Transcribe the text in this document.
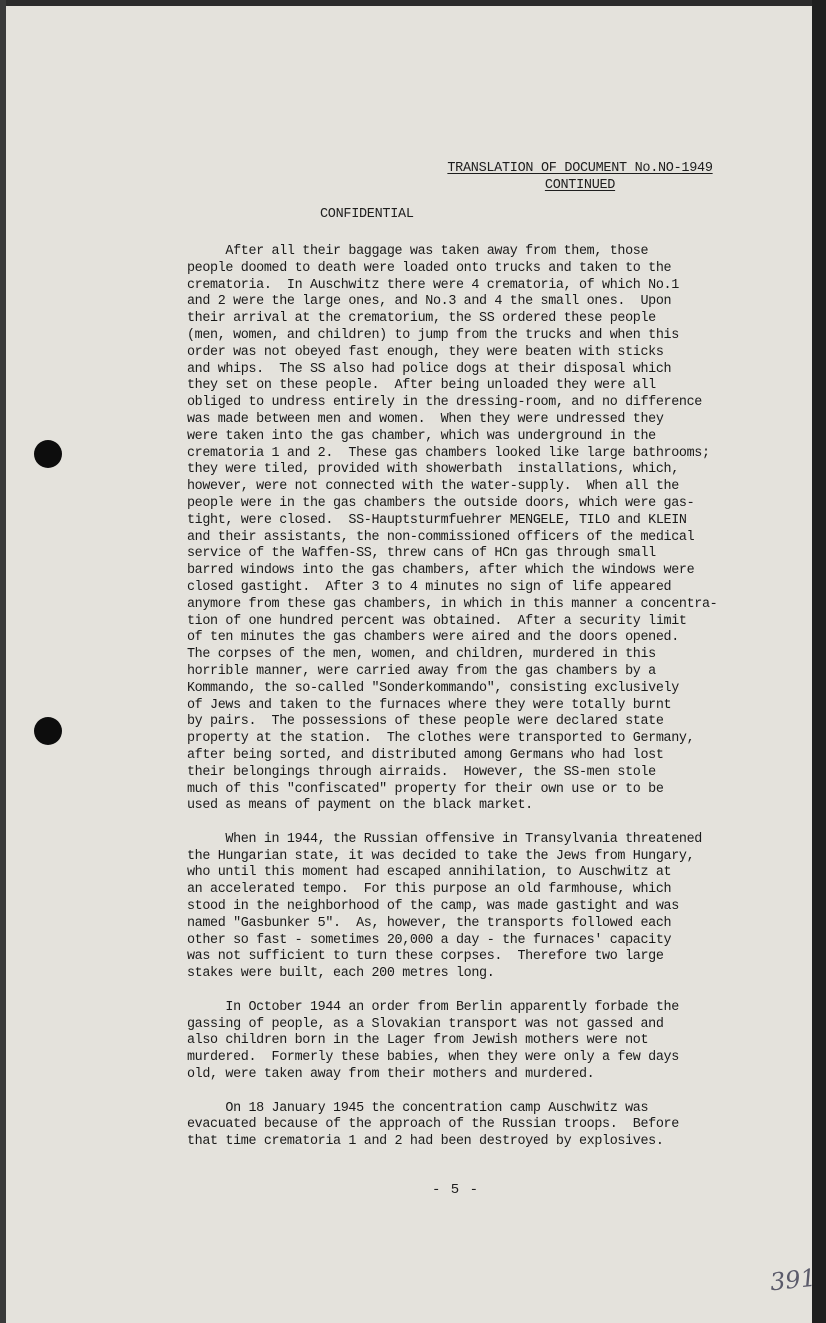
TRANSLATION OF DOCUMENT No.NO-1949
CONTINUED
CONFIDENTIAL
After all their baggage was taken away from them, those
people doomed to death were loaded onto trucks and taken to the
crematoria.  In Auschwitz there were 4 crematoria, of which No.1
and 2 were the large ones, and No.3 and 4 the small ones.  Upon
their arrival at the crematorium, the SS ordered these people
(men, women, and children) to jump from the trucks and when this
order was not obeyed fast enough, they were beaten with sticks
and whips.  The SS also had police dogs at their disposal which
they set on these people.  After being unloaded they were all
obliged to undress entirely in the dressing-room, and no difference
was made between men and women.  When they were undressed they
were taken into the gas chamber, which was underground in the
crematoria 1 and 2.  These gas chambers looked like large bathrooms;
they were tiled, provided with showerbath  installations, which,
however, were not connected with the water-supply.  When all the
people were in the gas chambers the outside doors, which were gas-
tight, were closed.  SS-Hauptsturmfuehrer MENGELE, TILO and KLEIN
and their assistants, the non-commissioned officers of the medical
service of the Waffen-SS, threw cans of HCn gas through small
barred windows into the gas chambers, after which the windows were
closed gastight.  After 3 to 4 minutes no sign of life appeared
anymore from these gas chambers, in which in this manner a concentra-
tion of one hundred percent was obtained.  After a security limit
of ten minutes the gas chambers were aired and the doors opened.
The corpses of the men, women, and children, murdered in this
horrible manner, were carried away from the gas chambers by a
Kommando, the so-called "Sonderkommando", consisting exclusively
of Jews and taken to the furnaces where they were totally burnt
by pairs.  The possessions of these people were declared state
property at the station.  The clothes were transported to Germany,
after being sorted, and distributed among Germans who had lost
their belongings through airraids.  However, the SS-men stole
much of this "confiscated" property for their own use or to be
used as means of payment on the black market.
When in 1944, the Russian offensive in Transylvania threatened
the Hungarian state, it was decided to take the Jews from Hungary,
who until this moment had escaped annihilation, to Auschwitz at
an accelerated tempo.  For this purpose an old farmhouse, which
stood in the neighborhood of the camp, was made gastight and was
named "Gasbunker 5".  As, however, the transports followed each
other so fast - sometimes 20,000 a day - the furnaces' capacity
was not sufficient to turn these corpses.  Therefore two large
stakes were built, each 200 metres long.
In October 1944 an order from Berlin apparently forbade the
gassing of people, as a Slovakian transport was not gassed and
also children born in the Lager from Jewish mothers were not
murdered.  Formerly these babies, when they were only a few days
old, were taken away from their mothers and murdered.
On 18 January 1945 the concentration camp Auschwitz was
evacuated because of the approach of the Russian troops.  Before
that time crematoria 1 and 2 had been destroyed by explosives.
- 5 -
391
